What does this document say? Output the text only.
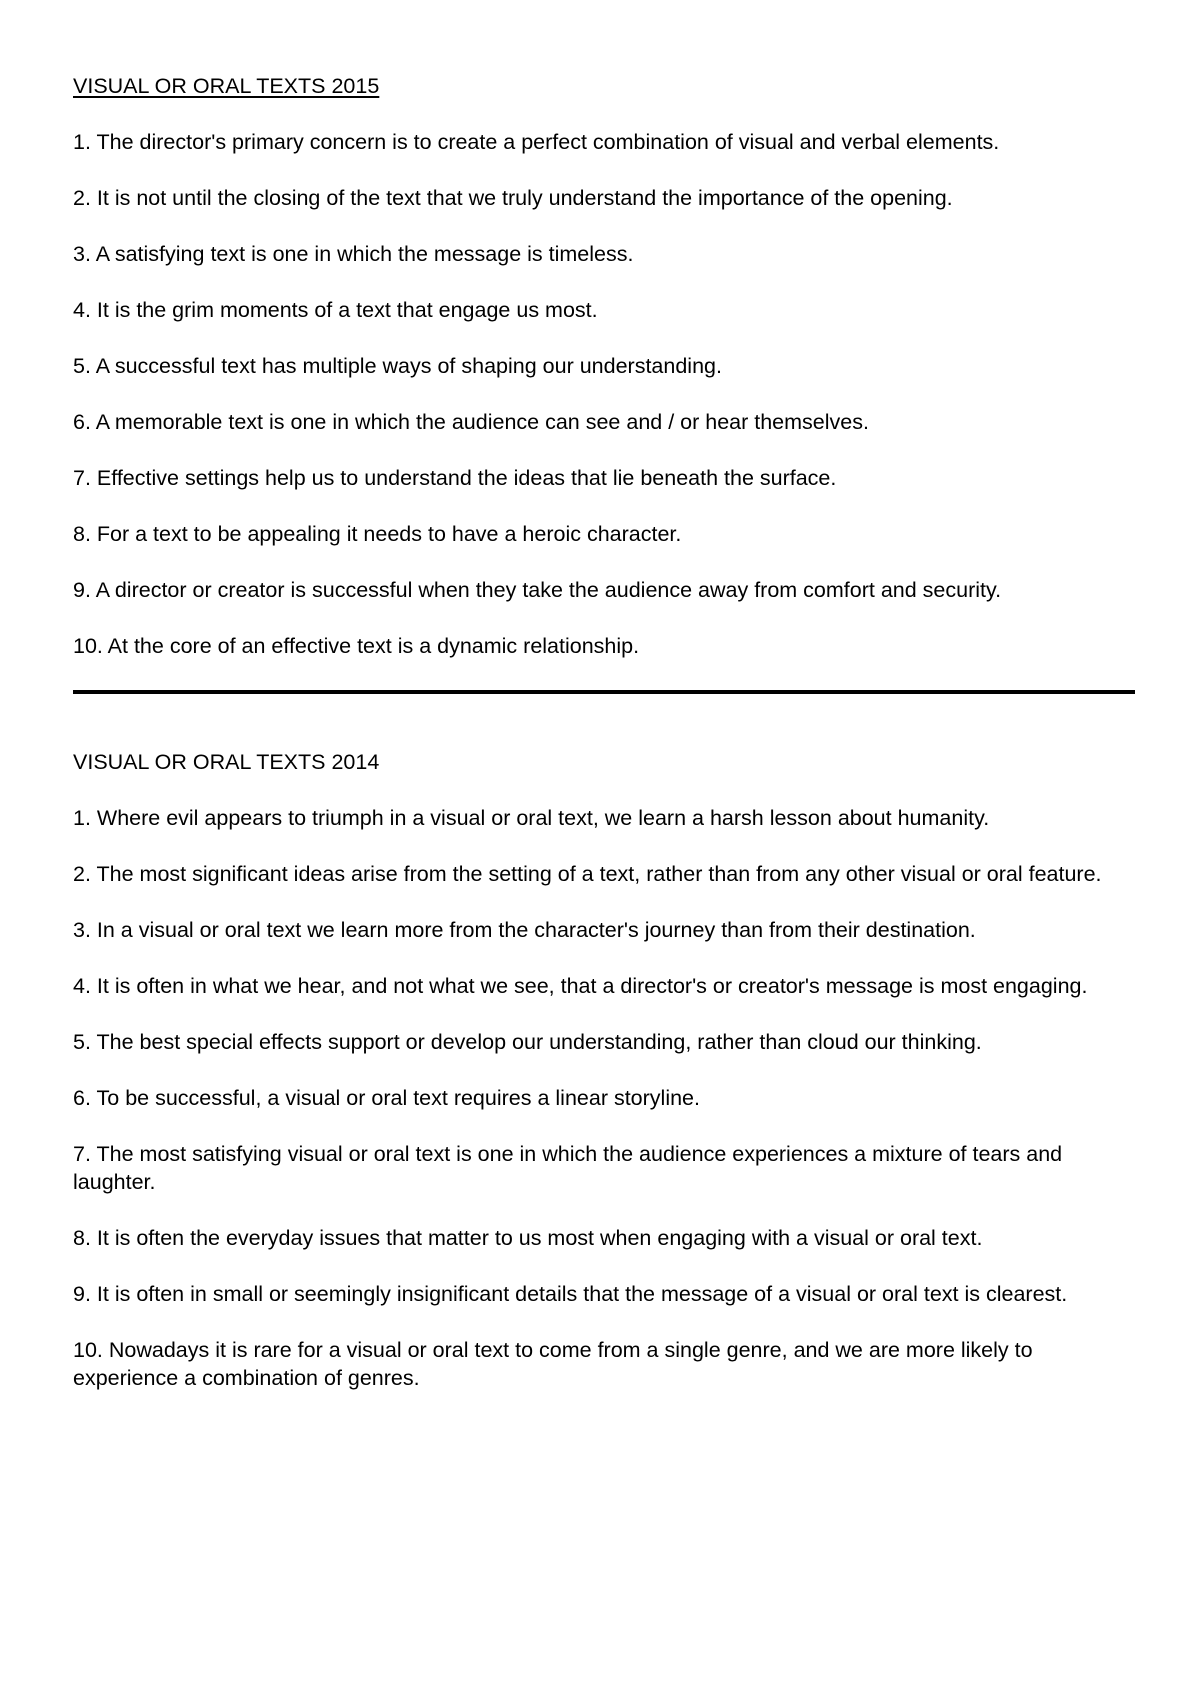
VISUAL OR ORAL TEXTS 2015
1. The director's primary concern is to create a perfect combination of visual and verbal elements.
2. It is not until the closing of the text that we truly understand the importance of the opening.
3. A satisfying text is one in which the message is timeless.
4. It is the grim moments of a text that engage us most.
5. A successful text has multiple ways of shaping our understanding.
6. A memorable text is one in which the audience can see and / or hear themselves.
7. Effective settings help us to understand the ideas that lie beneath the surface.
8. For a text to be appealing it needs to have a heroic character.
9. A director or creator is successful when they take the audience away from comfort and security.
10. At the core of an effective text is a dynamic relationship.
VISUAL OR ORAL TEXTS 2014
1. Where evil appears to triumph in a visual or oral text, we learn a harsh lesson about humanity.
2. The most significant ideas arise from the setting of a text, rather than from any other visual or oral feature.
3. In a visual or oral text we learn more from the character's journey than from their destination.
4. It is often in what we hear, and not what we see, that a director's or creator's message is most engaging.
5. The best special effects support or develop our understanding, rather than cloud our thinking.
6. To be successful, a visual or oral text requires a linear storyline.
7. The most satisfying visual or oral text is one in which the audience experiences a mixture of tears and laughter.
8. It is often the everyday issues that matter to us most when engaging with a visual or oral text.
9. It is often in small or seemingly insignificant details that the message of a visual or oral text is clearest.
10. Nowadays it is rare for a visual or oral text to come from a single genre, and we are more likely to experience a combination of genres.
